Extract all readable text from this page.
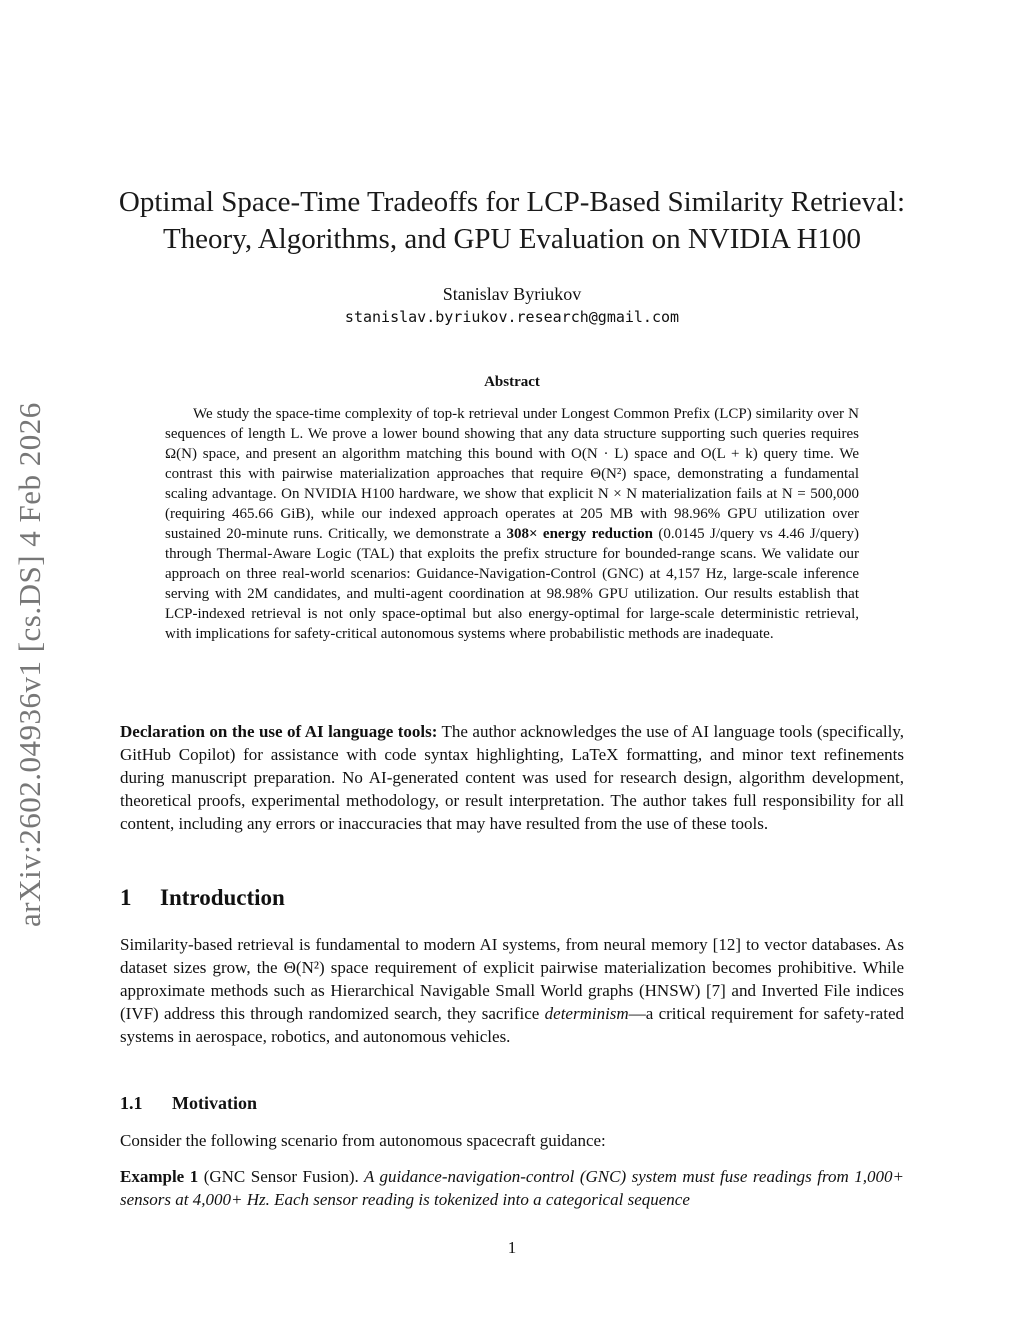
arXiv:2602.04936v1 [cs.DS] 4 Feb 2026
Optimal Space-Time Tradeoffs for LCP-Based Similarity Retrieval:
Theory, Algorithms, and GPU Evaluation on NVIDIA H100
Stanislav Byriukov
stanislav.byriukov.research@gmail.com
Abstract
We study the space-time complexity of top-k retrieval under Longest Common Prefix (LCP) similarity over N sequences of length L. We prove a lower bound showing that any data structure supporting such queries requires Ω(N) space, and present an algorithm matching this bound with O(N · L) space and O(L + k) query time. We contrast this with pairwise materialization approaches that require Θ(N²) space, demonstrating a fundamental scaling advantage. On NVIDIA H100 hardware, we show that explicit N × N materialization fails at N = 500,000 (requiring 465.66 GiB), while our indexed approach operates at 205 MB with 98.96% GPU utilization over sustained 20-minute runs. Critically, we demonstrate a 308× energy reduction (0.0145 J/query vs 4.46 J/query) through Thermal-Aware Logic (TAL) that exploits the prefix structure for bounded-range scans. We validate our approach on three real-world scenarios: Guidance-Navigation-Control (GNC) at 4,157 Hz, large-scale inference serving with 2M candidates, and multi-agent coordination at 98.98% GPU utilization. Our results establish that LCP-indexed retrieval is not only space-optimal but also energy-optimal for large-scale deterministic retrieval, with implications for safety-critical autonomous systems where probabilistic methods are inadequate.
Declaration on the use of AI language tools: The author acknowledges the use of AI language tools (specifically, GitHub Copilot) for assistance with code syntax highlighting, LaTeX formatting, and minor text refinements during manuscript preparation. No AI-generated content was used for research design, algorithm development, theoretical proofs, experimental methodology, or result interpretation. The author takes full responsibility for all content, including any errors or inaccuracies that may have resulted from the use of these tools.
1 Introduction
Similarity-based retrieval is fundamental to modern AI systems, from neural memory [12] to vector databases. As dataset sizes grow, the Θ(N²) space requirement of explicit pairwise materialization becomes prohibitive. While approximate methods such as Hierarchical Navigable Small World graphs (HNSW) [7] and Inverted File indices (IVF) address this through randomized search, they sacrifice determinism—a critical requirement for safety-rated systems in aerospace, robotics, and autonomous vehicles.
1.1 Motivation
Consider the following scenario from autonomous spacecraft guidance:
Example 1 (GNC Sensor Fusion). A guidance-navigation-control (GNC) system must fuse readings from 1,000+ sensors at 4,000+ Hz. Each sensor reading is tokenized into a categorical sequence
1
